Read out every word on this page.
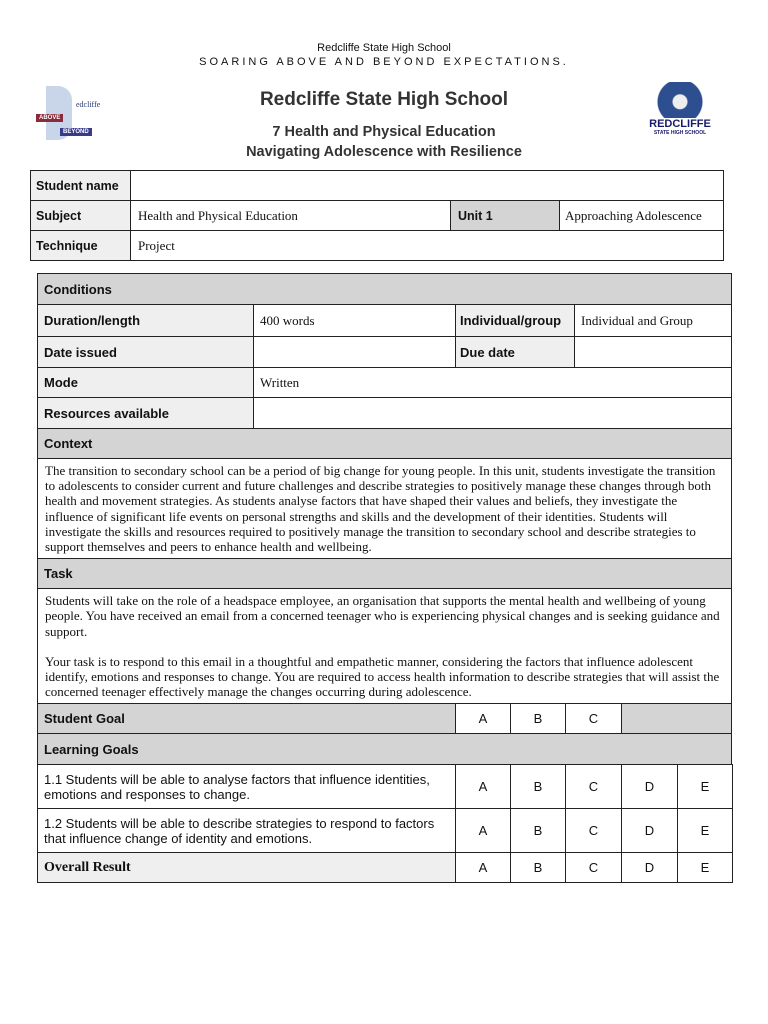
Redcliffe State High School
SOARING ABOVE AND BEYOND EXPECTATIONS.
Redcliffe State High School
7 Health and Physical Education
Navigating Adolescence with Resilience
edcliffe
ABOVE
BEYOND
REDCLIFFE
STATE HIGH SCHOOL
Student name
Subject	Health and Physical Education	Unit 1	Approaching Adolescence
Technique	Project
Conditions
Duration/length	400 words	Individual/group	Individual and Group
Date issued	Due date
Mode	Written
Resources available
Context
The transition to secondary school can be a period of big change for young people. In this unit, students investigate the transition to adolescents to consider current and future challenges and describe strategies to positively manage these changes through both health and movement strategies. As students analyse factors that have shaped their values and beliefs, they investigate the influence of significant life events on personal strengths and skills and the development of their identities. Students will investigate the skills and resources required to positively manage the transition to secondary school and describe strategies to support themselves and peers to enhance health and wellbeing.
Task

Students will take on the role of a headspace employee, an organisation that supports the mental health and wellbeing of young people. You have received an email from a concerned teenager who is experiencing physical changes and is seeking guidance and support.

Your task is to respond to this email in a thoughtful and empathetic manner, considering the factors that influence adolescent identify, emotions and responses to change. You are required to access health information to describe strategies that will assist the concerned teenager effectively manage the changes occurring during adolescence.

Student Goal	A	B	C
Learning Goals
1.1 Students will be able to analyse factors that influence identities, emotions and responses to change.	A	B	C	D	E
1.2 Students will be able to describe strategies to respond to factors that influence change of identity and emotions.	A	B	C	D	E
Overall Result	A	B	C	D	E
